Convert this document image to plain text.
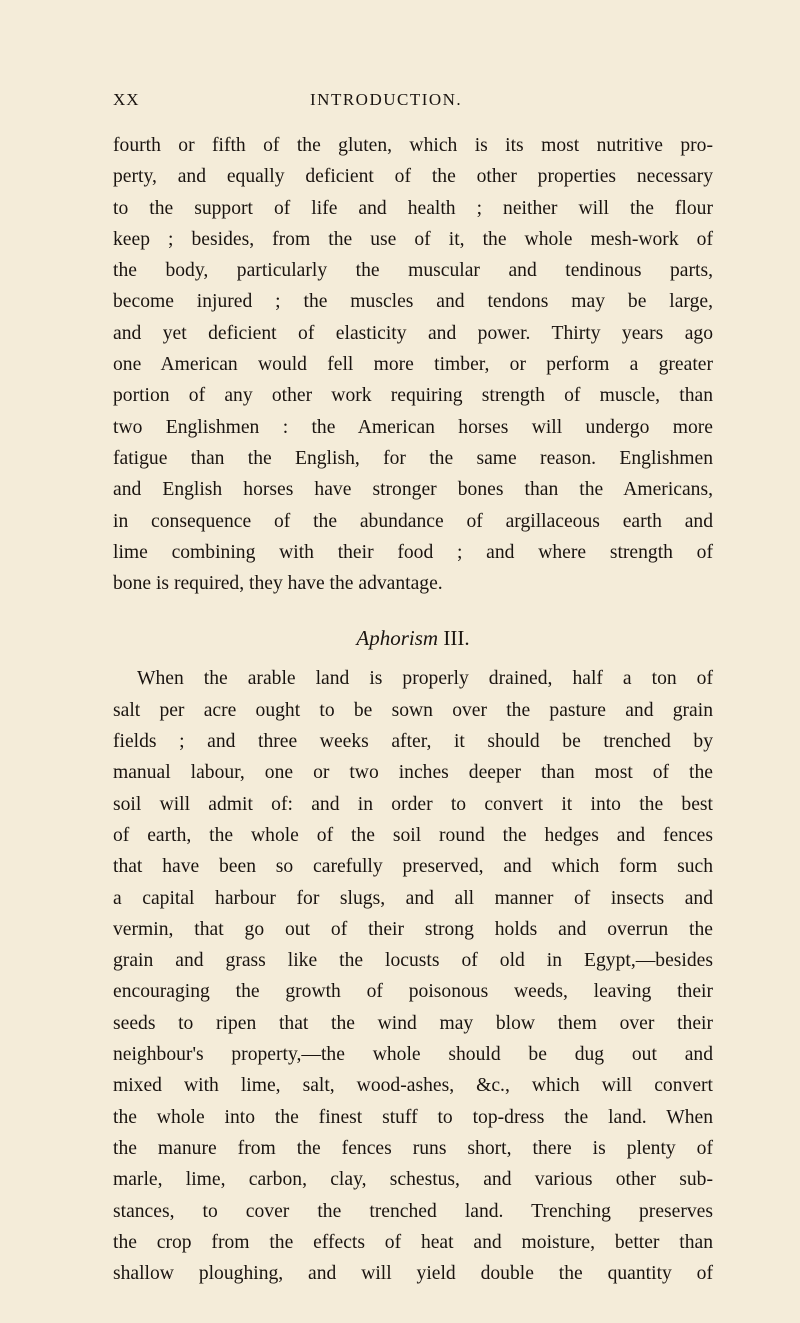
XX	INTRODUCTION.
fourth or fifth of the gluten, which is its most nutritive pro-
perty, and equally deficient of the other properties necessary
to the support of life and health ; neither will the flour
keep ; besides, from the use of it, the whole mesh-work of
the body, particularly the muscular and tendinous parts,
become injured ; the muscles and tendons may be large,
and yet deficient of elasticity and power. Thirty years ago
one American would fell more timber, or perform a greater
portion of any other work requiring strength of muscle, than
two Englishmen : the American horses will undergo more
fatigue than the English, for the same reason. Englishmen
and English horses have stronger bones than the Americans,
in consequence of the abundance of argillaceous earth and
lime combining with their food ; and where strength of
bone is required, they have the advantage.
Aphorism III.
When the arable land is properly drained, half a ton of
salt per acre ought to be sown over the pasture and grain
fields ; and three weeks after, it should be trenched by
manual labour, one or two inches deeper than most of the
soil will admit of: and in order to convert it into the best
of earth, the whole of the soil round the hedges and fences
that have been so carefully preserved, and which form such
a capital harbour for slugs, and all manner of insects and
vermin, that go out of their strong holds and overrun the
grain and grass like the locusts of old in Egypt,—besides
encouraging the growth of poisonous weeds, leaving their
seeds to ripen that the wind may blow them over their
neighbour's property,—the whole should be dug out and
mixed with lime, salt, wood-ashes, &c., which will convert
the whole into the finest stuff to top-dress the land. When
the manure from the fences runs short, there is plenty of
marle, lime, carbon, clay, schestus, and various other sub-
stances, to cover the trenched land. Trenching preserves
the crop from the effects of heat and moisture, better than
shallow ploughing, and will yield double the quantity of
